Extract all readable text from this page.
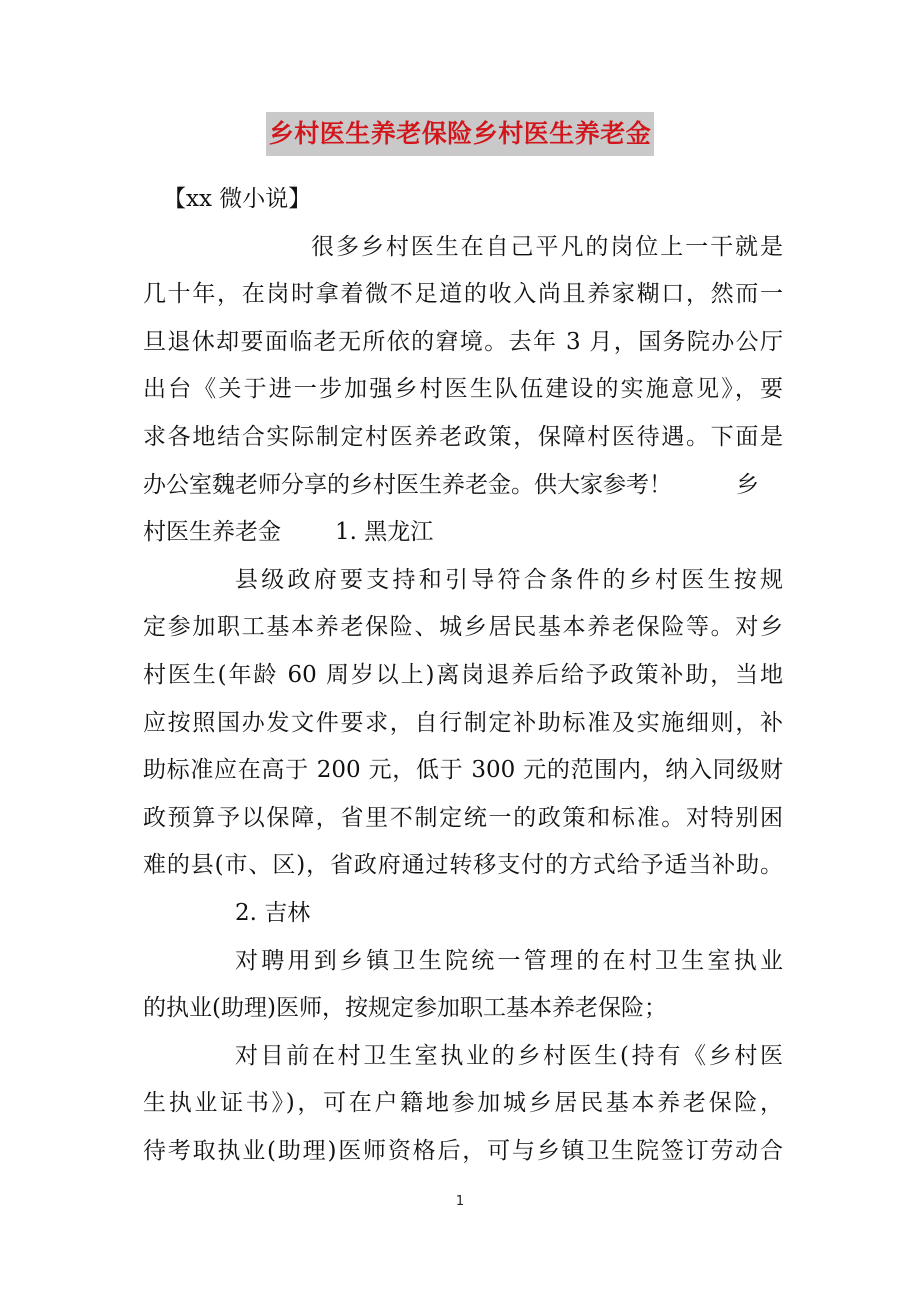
乡村医生养老保险乡村医生养老金
【xx 微小说】
很多乡村医生在自己平凡的岗位上一干就是
几十年，在岗时拿着微不足道的收入尚且养家糊口，然而一
旦退休却要面临老无所依的窘境。去年 3 月，国务院办公厅
出台《关于进一步加强乡村医生队伍建设的实施意见》，要
求各地结合实际制定村医养老政策，保障村医待遇。下面是
办公室魏老师分享的乡村医生养老金。供大家参考！	乡
村医生养老金 1. 黑龙江
县级政府要支持和引导符合条件的乡村医生按规
定参加职工基本养老保险、城乡居民基本养老保险等。对乡
村医生(年龄 60 周岁以上)离岗退养后给予政策补助，当地
应按照国办发文件要求，自行制定补助标准及实施细则，补
助标准应在高于 200 元，低于 300 元的范围内，纳入同级财
政预算予以保障，省里不制定统一的政策和标准。对特别困
难的县(市、区)，省政府通过转移支付的方式给予适当补助。
2. 吉林
对聘用到乡镇卫生院统一管理的在村卫生室执业
的执业(助理)医师，按规定参加职工基本养老保险；
对目前在村卫生室执业的乡村医生(持有《乡村医
生执业证书》)，可在户籍地参加城乡居民基本养老保险，
待考取执业(助理)医师资格后，可与乡镇卫生院签订劳动合
1
